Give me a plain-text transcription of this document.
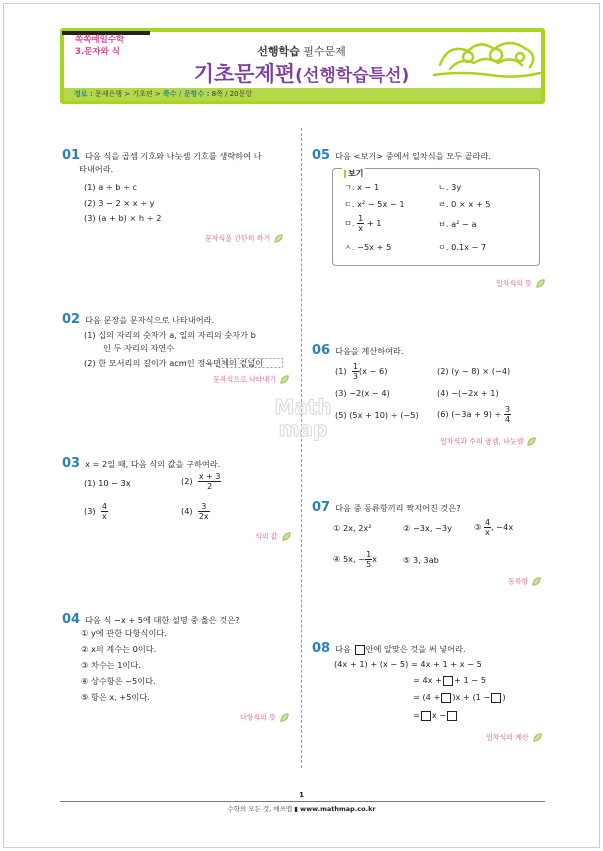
쏙쏙예일수학
3.문자와 식	선행학습 필수문제
기초문제편(선행학습특선)
경로 : 문제은행 > 기초편 > 쪽수 / 문항수 : 8쪽 / 20문항
01 다음 식을 곱셈 기호와 나눗셈 기호를 생략하여 나
타내어라.
(1) a ÷ b ÷ c
(2) 3 − 2 × x ÷ y
(3) (a + b) × h ÷ 2
문자식을 간단히 하기
02 다음 문장을 문자식으로 나타내어라.
(1) 십의 자리의 숫자가 a, 일의 자리의 숫자가 b
인 두 자리의 자연수
(2) 한 모서리의 길이가 acm인 정육면체의 겉넓이
문자식으로 나타내기
03 x = 2일 때, 다음 식의 값을 구하여라.
(1) 10 − 3x	$(2) \frac{x + 3}{2}$
$(3) \frac{4}{x}$	$(4) \frac{3}{2x}$
식의 값
04 다음 식 −x + 5에 대한 설명 중 옳은 것은?
① y에 관한 다항식이다.
② x의 계수는 0이다.
③ 차수는 1이다.
④ 상수항은 −5이다.
⑤ 항은 x, +5이다.
다항식의 뜻
05 다음 <보기> 중에서 일차식을 모두 골라라.
보기
ㄱ. x − 1	ㄴ. 3y
ㄷ. x² − 5x − 1	ㄹ. 0 × x + 5
ㅁ. $\frac{1}{x} + 1$	ㅂ. a² − a
ㅅ. −5x + 5	ㅇ. 0.1x − 7
일차식의 뜻
06 다음을 계산하여라.
$(1) \frac{1}{3} (x - 6)$	(2) (y − 8) × (−4)
(3) −2(x − 4)	(4) −(−2x + 1)
(5) (5x + 10) ÷ (−5) (6) $(-3a + 9) \div \frac{3}{4}$
일차식과 수의 곱셈, 나눗셈
07 다음 중 동류항끼리 짝지어진 것은?
① 2x, 2x²	② −3x, −3y	③ $\frac{4}{x}$ , −4x
④ 5x, − $\frac{1}{5}$ x	⑤ 3, 3ab
동류항
08 다음 안에 알맞은 것을 써 넣어라.
(4x + 1) + (x − 5) = 4x + 1 + x − 5
= 4x + + 1 − 5
= (4 + )x + (1 − )
= x −
일차식의 계산
Math
map
1
수학의 모든 것, 매쓰맵 ▮ www.mathmap.co.kr
